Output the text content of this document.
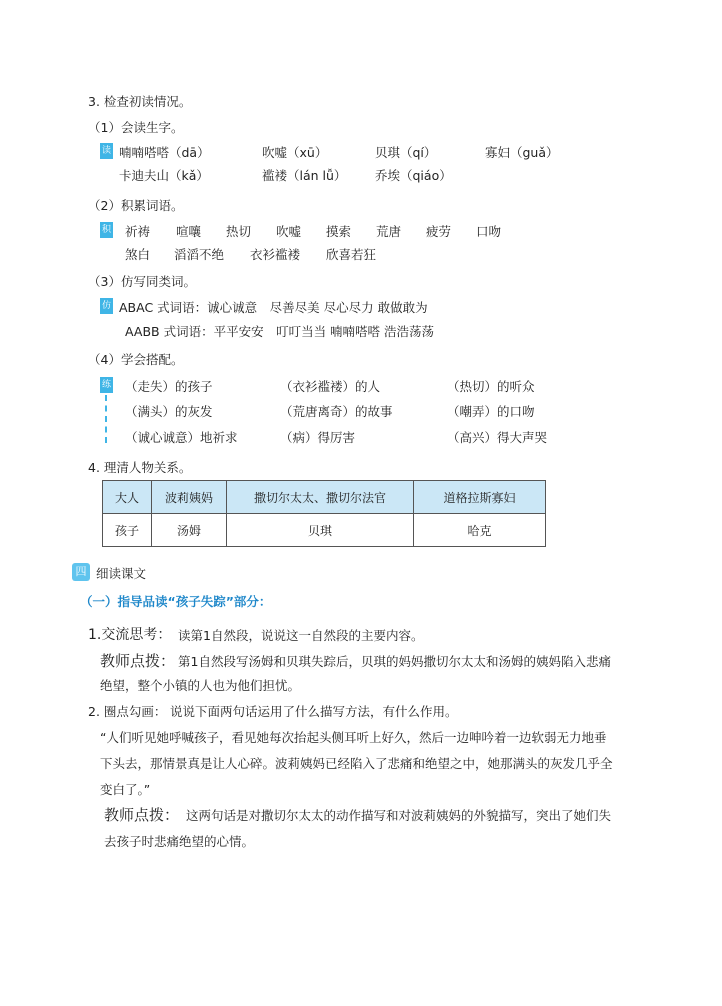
3. 检查初读情况。
（1）会读生字。
读 喃喃嗒嗒（dā）	吹嘘（xū）	贝琪（qí）	寡妇（guǎ）
卡迪夫山（kǎ）	褴褛（lán lǚ） 乔埃（qiáo）
（2）积累词语。
积 祈祷 喧嚷 热切 吹嘘 摸索 荒唐 疲劳 口吻
煞白 滔滔不绝 衣衫褴褛 欣喜若狂
（3）仿写同类词。
仿 ABAC 式词语：诚心诚意　尽善尽美 尽心尽力 敢做敢为
AABB 式词语：平平安安　叮叮当当 喃喃嗒嗒 浩浩荡荡
（4）学会搭配。
练 （走失）的孩子	（衣衫褴褛）的人	（热切）的听众
（满头）的灰发	（荒唐离奇）的故事	（嘲弄）的口吻
（诚心诚意）地祈求	（病）得厉害	（高兴）得大声哭
4. 理清人物关系。
大人	波莉姨妈	撒切尔太太、撒切尔法官	道格拉斯寡妇
孩子	汤姆	贝琪	哈克
四 细读课文
（一）指导品读“孩子失踪”部分：
1.交流思考： 读第1自然段，说说这一自然段的主要内容。
教师点拨： 第1自然段写汤姆和贝琪失踪后，贝琪的妈妈撒切尔太太和汤姆的姨妈陷入悲痛
绝望，整个小镇的人也为他们担忧。
2. 圈点勾画： 说说下面两句话运用了什么描写方法，有什么作用。
“人们听见她呼喊孩子，看见她每次抬起头侧耳听上好久，然后一边呻吟着一边软弱无力地垂
下头去，那情景真是让人心碎。波莉姨妈已经陷入了悲痛和绝望之中，她那满头的灰发几乎全
变白了。”
教师点拨： 这两句话是对撒切尔太太的动作描写和对波莉姨妈的外貌描写，突出了她们失
去孩子时悲痛绝望的心情。
